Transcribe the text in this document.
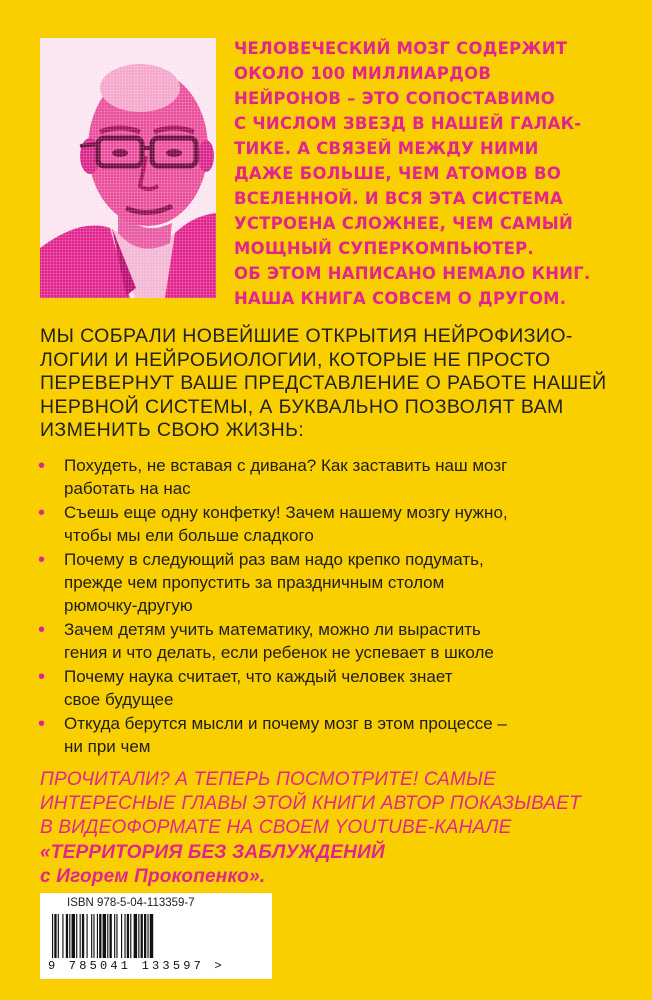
ЧЕЛОВЕЧЕСКИЙ МОЗГ СОДЕРЖИТ
ОКОЛО 100 МИЛЛИАРДОВ
НЕЙРОНОВ – ЭТО СОПОСТАВИМО
С ЧИСЛОМ ЗВЕЗД В НАШЕЙ ГАЛАК-
ТИКЕ. А СВЯЗЕЙ МЕЖДУ НИМИ
ДАЖЕ БОЛЬШЕ, ЧЕМ АТОМОВ ВО
ВСЕЛЕННОЙ. И ВСЯ ЭТА СИСТЕМА
УСТРОЕНА СЛОЖНЕЕ, ЧЕМ САМЫЙ
МОЩНЫЙ СУПЕРКОМПЬЮТЕР.
ОБ ЭТОМ НАПИСАНО НЕМАЛО КНИГ.
НАША КНИГА СОВСЕМ О ДРУГОМ.
МЫ СОБРАЛИ НОВЕЙШИЕ ОТКРЫТИЯ НЕЙРОФИЗИО-
ЛОГИИ И НЕЙРОБИОЛОГИИ, КОТОРЫЕ НЕ ПРОСТО
ПЕРЕВЕРНУТ ВАШЕ ПРЕДСТАВЛЕНИЕ О РАБОТЕ НАШЕЙ
НЕРВНОЙ СИСТЕМЫ, А БУКВАЛЬНО ПОЗВОЛЯТ ВАМ
ИЗМЕНИТЬ СВОЮ ЖИЗНЬ:
• Похудеть, не вставая с дивана? Как заставить наш мозг
работать на нас
• Съешь еще одну конфетку! Зачем нашему мозгу нужно,
чтобы мы ели больше сладкого
• Почему в следующий раз вам надо крепко подумать,
прежде чем пропустить за праздничным столом
рюмочку-другую
• Зачем детям учить математику, можно ли вырастить
гения и что делать, если ребенок не успевает в школе
• Почему наука считает, что каждый человек знает
свое будущее
• Откуда берутся мысли и почему мозг в этом процессе –
ни при чем
ПРОЧИТАЛИ? А ТЕПЕРЬ ПОСМОТРИТЕ! САМЫЕ
ИНТЕРЕСНЫЕ ГЛАВЫ ЭТОЙ КНИГИ АВТОР ПОКАЗЫВАЕТ
В ВИДЕОФОРМАТЕ НА СВОЕМ YOUTUBE-КАНАЛЕ
«ТЕРРИТОРИЯ БЕЗ ЗАБЛУЖДЕНИЙ
с Игорем Прокопенко».
ISBN 978-5-04-113359-7
9 785041 133597 >
